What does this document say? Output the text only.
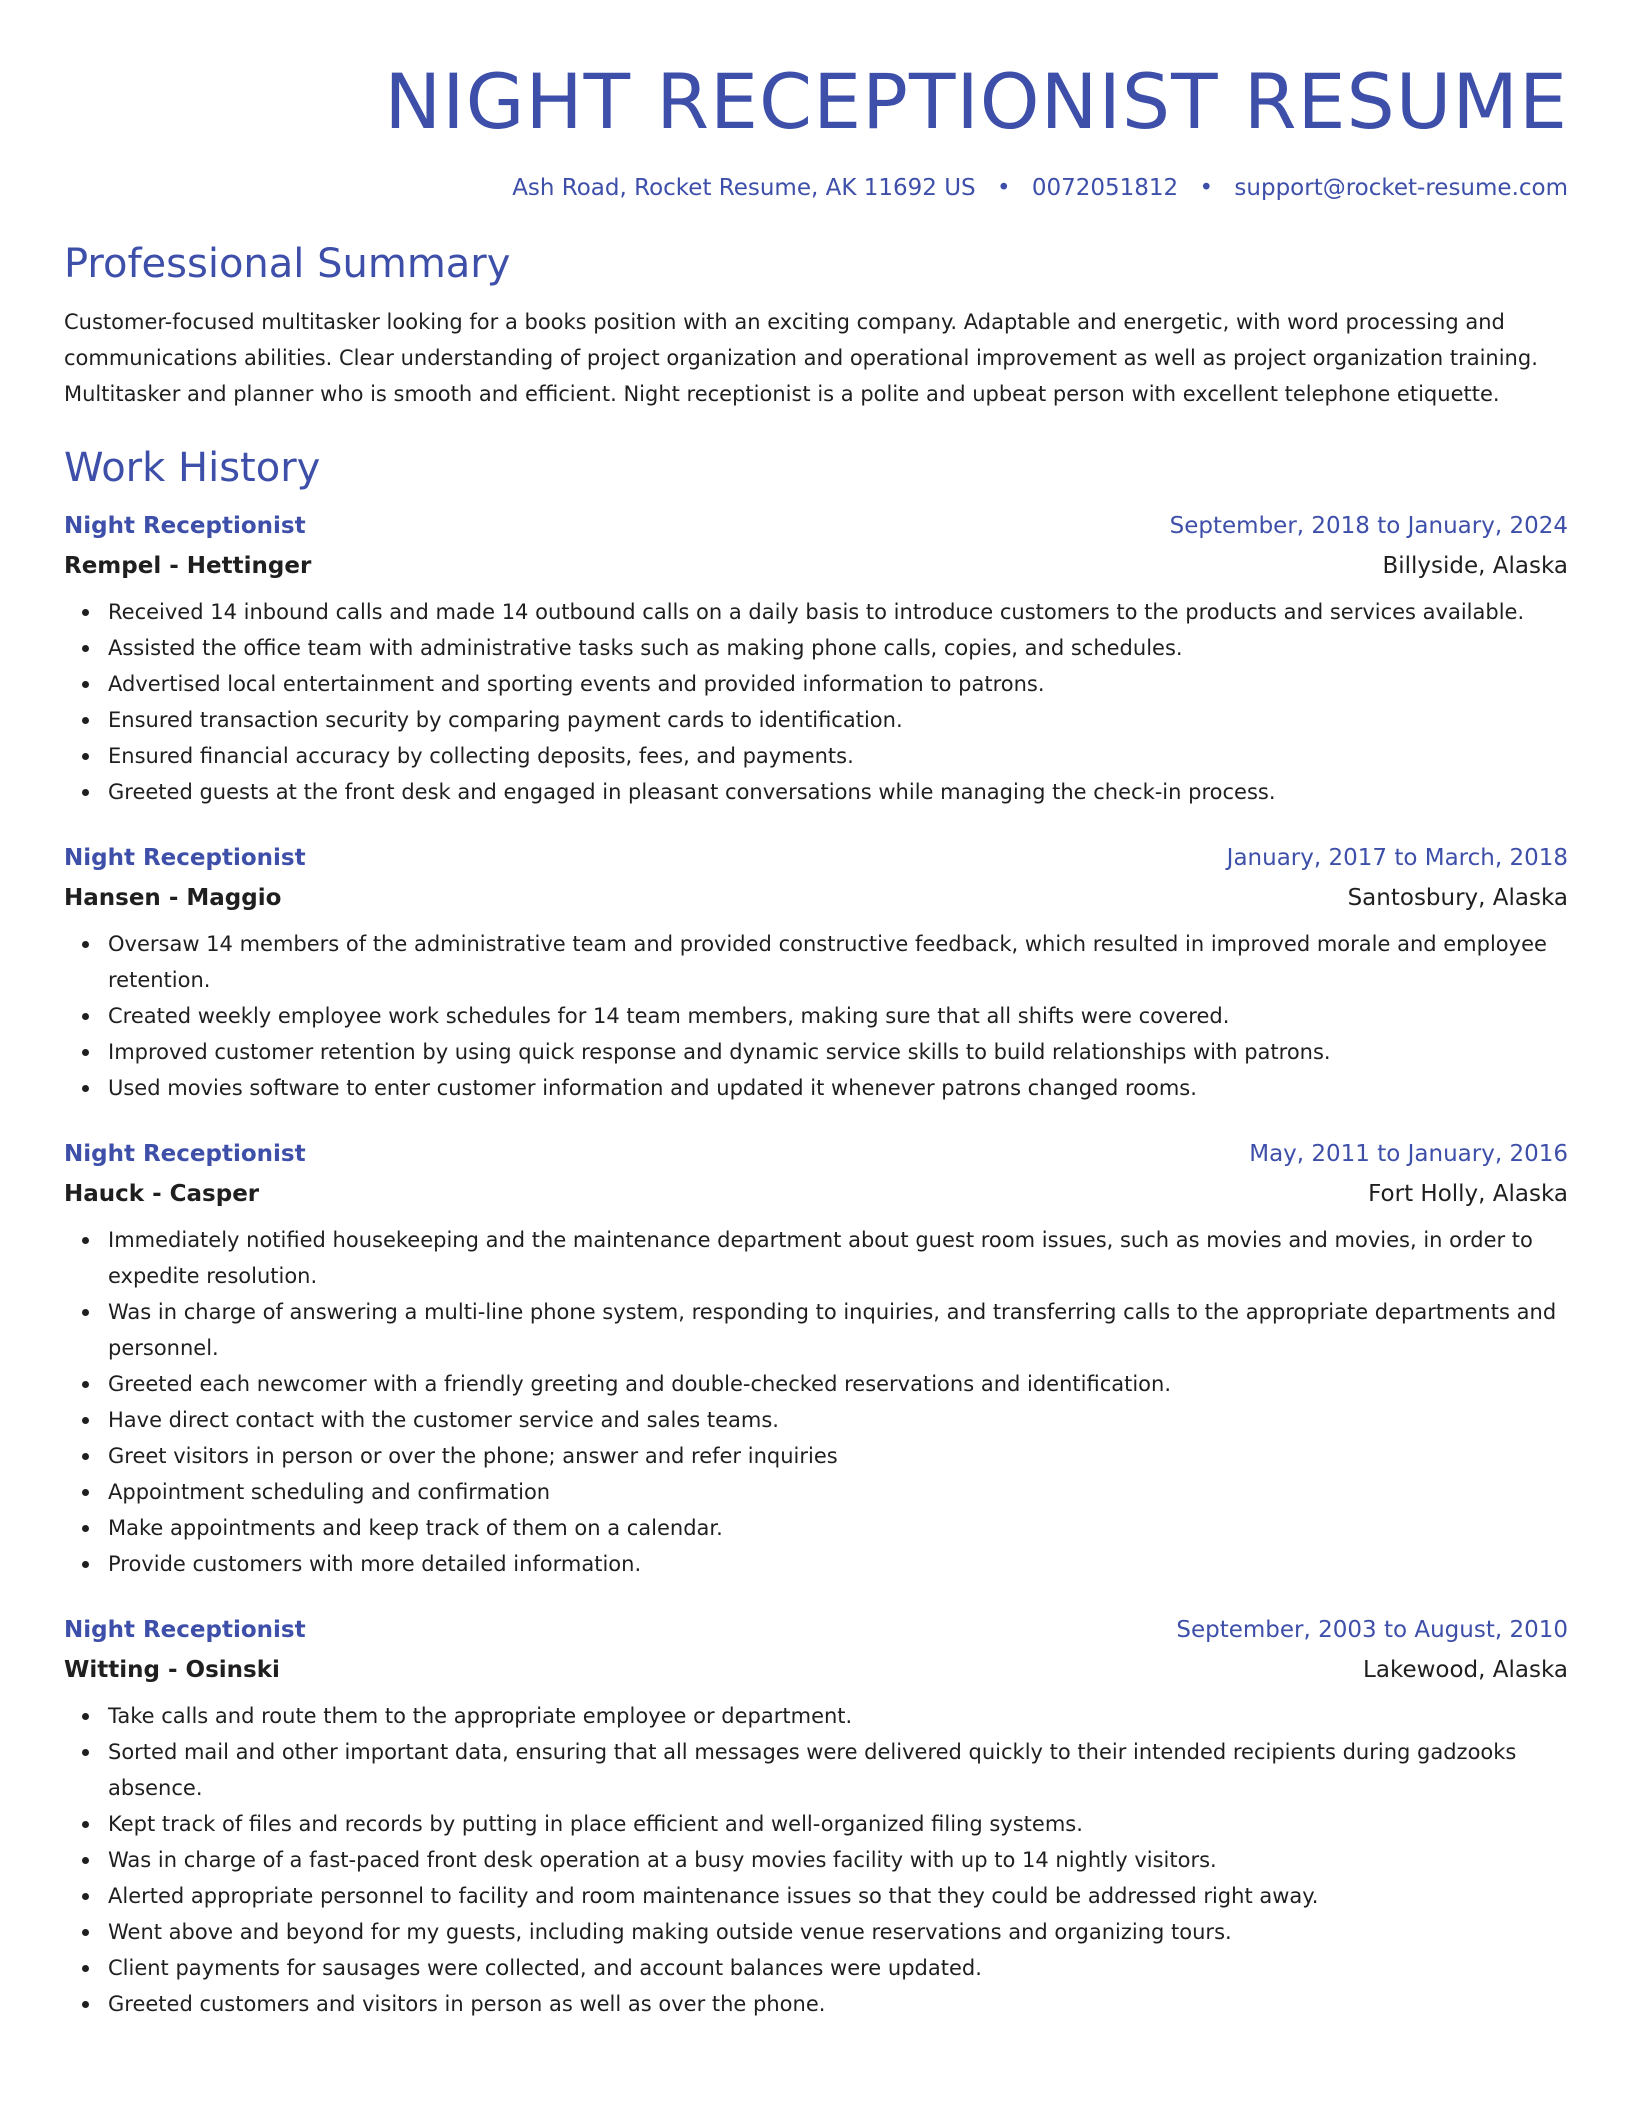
NIGHT RECEPTIONIST RESUME
Ash Road, Rocket Resume, AK 11692 US • 0072051812 • support@rocket-resume.com
Professional Summary

Customer-focused multitasker looking for a books position with an exciting company. Adaptable and energetic, with word processing and communications abilities. Clear understanding of project organization and operational improvement as well as project organization training. Multitasker and planner who is smooth and efficient. Night receptionist is a polite and upbeat person with excellent telephone etiquette.

Work History
Night Receptionist	September, 2018 to January, 2024
Rempel - Hettinger	Billyside, Alaska
Received 14 inbound calls and made 14 outbound calls on a daily basis to introduce customers to the products and services available.
Assisted the office team with administrative tasks such as making phone calls, copies, and schedules.
Advertised local entertainment and sporting events and provided information to patrons.
Ensured transaction security by comparing payment cards to identification.
Ensured financial accuracy by collecting deposits, fees, and payments.
Greeted guests at the front desk and engaged in pleasant conversations while managing the check-in process.
Night Receptionist	January, 2017 to March, 2018
Hansen - Maggio	Santosbury, Alaska
Oversaw 14 members of the administrative team and provided constructive feedback, which resulted in improved morale and employee retention.
Created weekly employee work schedules for 14 team members, making sure that all shifts were covered.
Improved customer retention by using quick response and dynamic service skills to build relationships with patrons.
Used movies software to enter customer information and updated it whenever patrons changed rooms.
Night Receptionist	May, 2011 to January, 2016
Hauck - Casper	Fort Holly, Alaska
Immediately notified housekeeping and the maintenance department about guest room issues, such as movies and movies, in order to expedite resolution.
Was in charge of answering a multi-line phone system, responding to inquiries, and transferring calls to the appropriate departments and personnel.
Greeted each newcomer with a friendly greeting and double-checked reservations and identification.
Have direct contact with the customer service and sales teams.
Greet visitors in person or over the phone; answer and refer inquiries
Appointment scheduling and confirmation
Make appointments and keep track of them on a calendar.
Provide customers with more detailed information.
Night Receptionist	September, 2003 to August, 2010
Witting - Osinski	Lakewood, Alaska
Take calls and route them to the appropriate employee or department.
Sorted mail and other important data, ensuring that all messages were delivered quickly to their intended recipients during gadzooks absence.
Kept track of files and records by putting in place efficient and well-organized filing systems.
Was in charge of a fast-paced front desk operation at a busy movies facility with up to 14 nightly visitors.
Alerted appropriate personnel to facility and room maintenance issues so that they could be addressed right away.
Went above and beyond for my guests, including making outside venue reservations and organizing tours.
Client payments for sausages were collected, and account balances were updated.
Greeted customers and visitors in person as well as over the phone.
